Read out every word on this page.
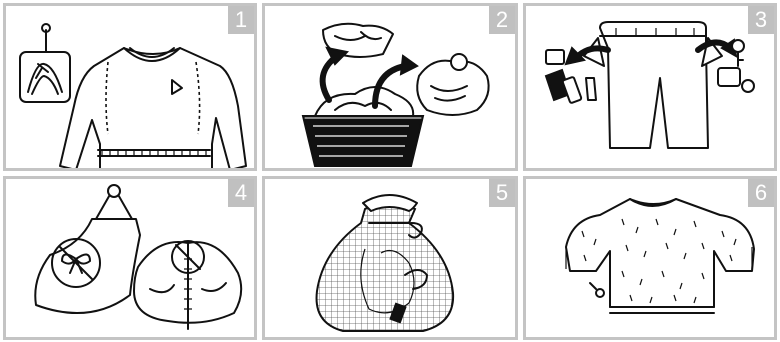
1	2	3
4	5	6
